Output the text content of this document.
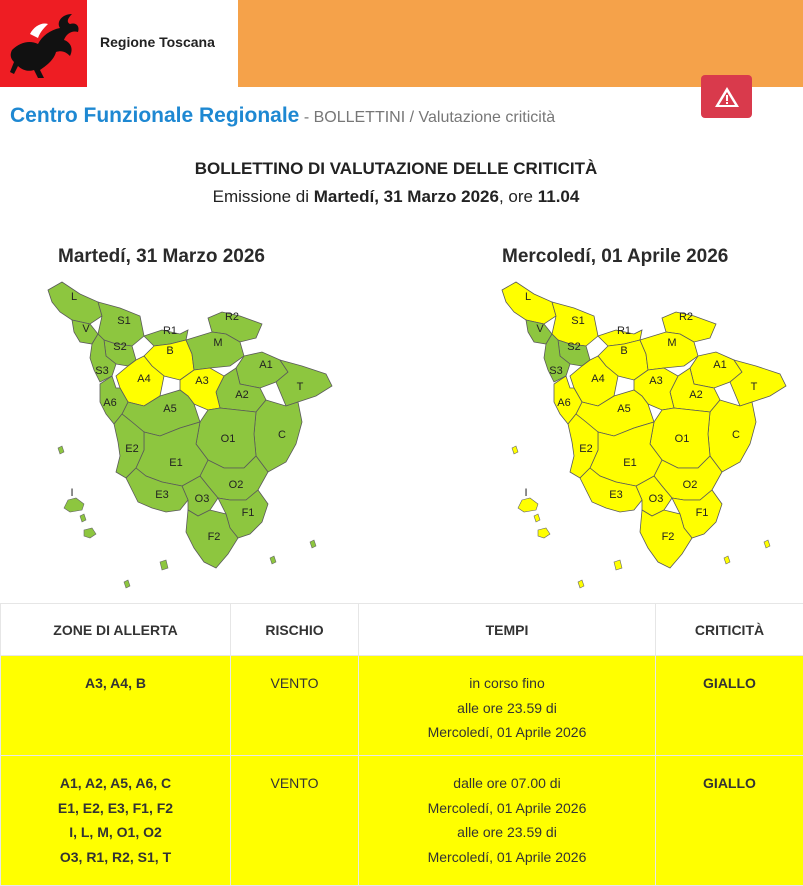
Regione Toscana
Centro Funzionale Regionale - BOLLETTINI / Valutazione criticità
BOLLETTINO DI VALUTAZIONE DELLE CRITICITÀ
Emissione di Martedí, 31 Marzo 2026, ore 11.04
Martedí, 31 Marzo 2026	Mercoledí, 01 Aprile 2026
L
V
S1
S2
S3
R1
R2
B
M
A1
A2
A3
A4
A5
A6
T
C
O1
O2
O3
E1
E2
E3
F1
F2
I
L
V
S1
S2
S3
R1
R2
B
M
A1
A2
A3
A4
A5
A6
T
C
O1
O2
O3
E1
E2
E3
F1
F2
I
ZONE DI ALLERTA	RISCHIO	TEMPI	CRITICITÀ

A3, A4, B	VENTO	in corso fino
alle ore 23.59 di
Mercoledí, 01 Aprile 2026	GIALLO

A1, A2, A5, A6, C
E1, E2, E3, F1, F2
I, L, M, O1, O2
O3, R1, R2, S1, T	VENTO	dalle ore 07.00 di
Mercoledí, 01 Aprile 2026
alle ore 23.59 di
Mercoledí, 01 Aprile 2026	GIALLO
